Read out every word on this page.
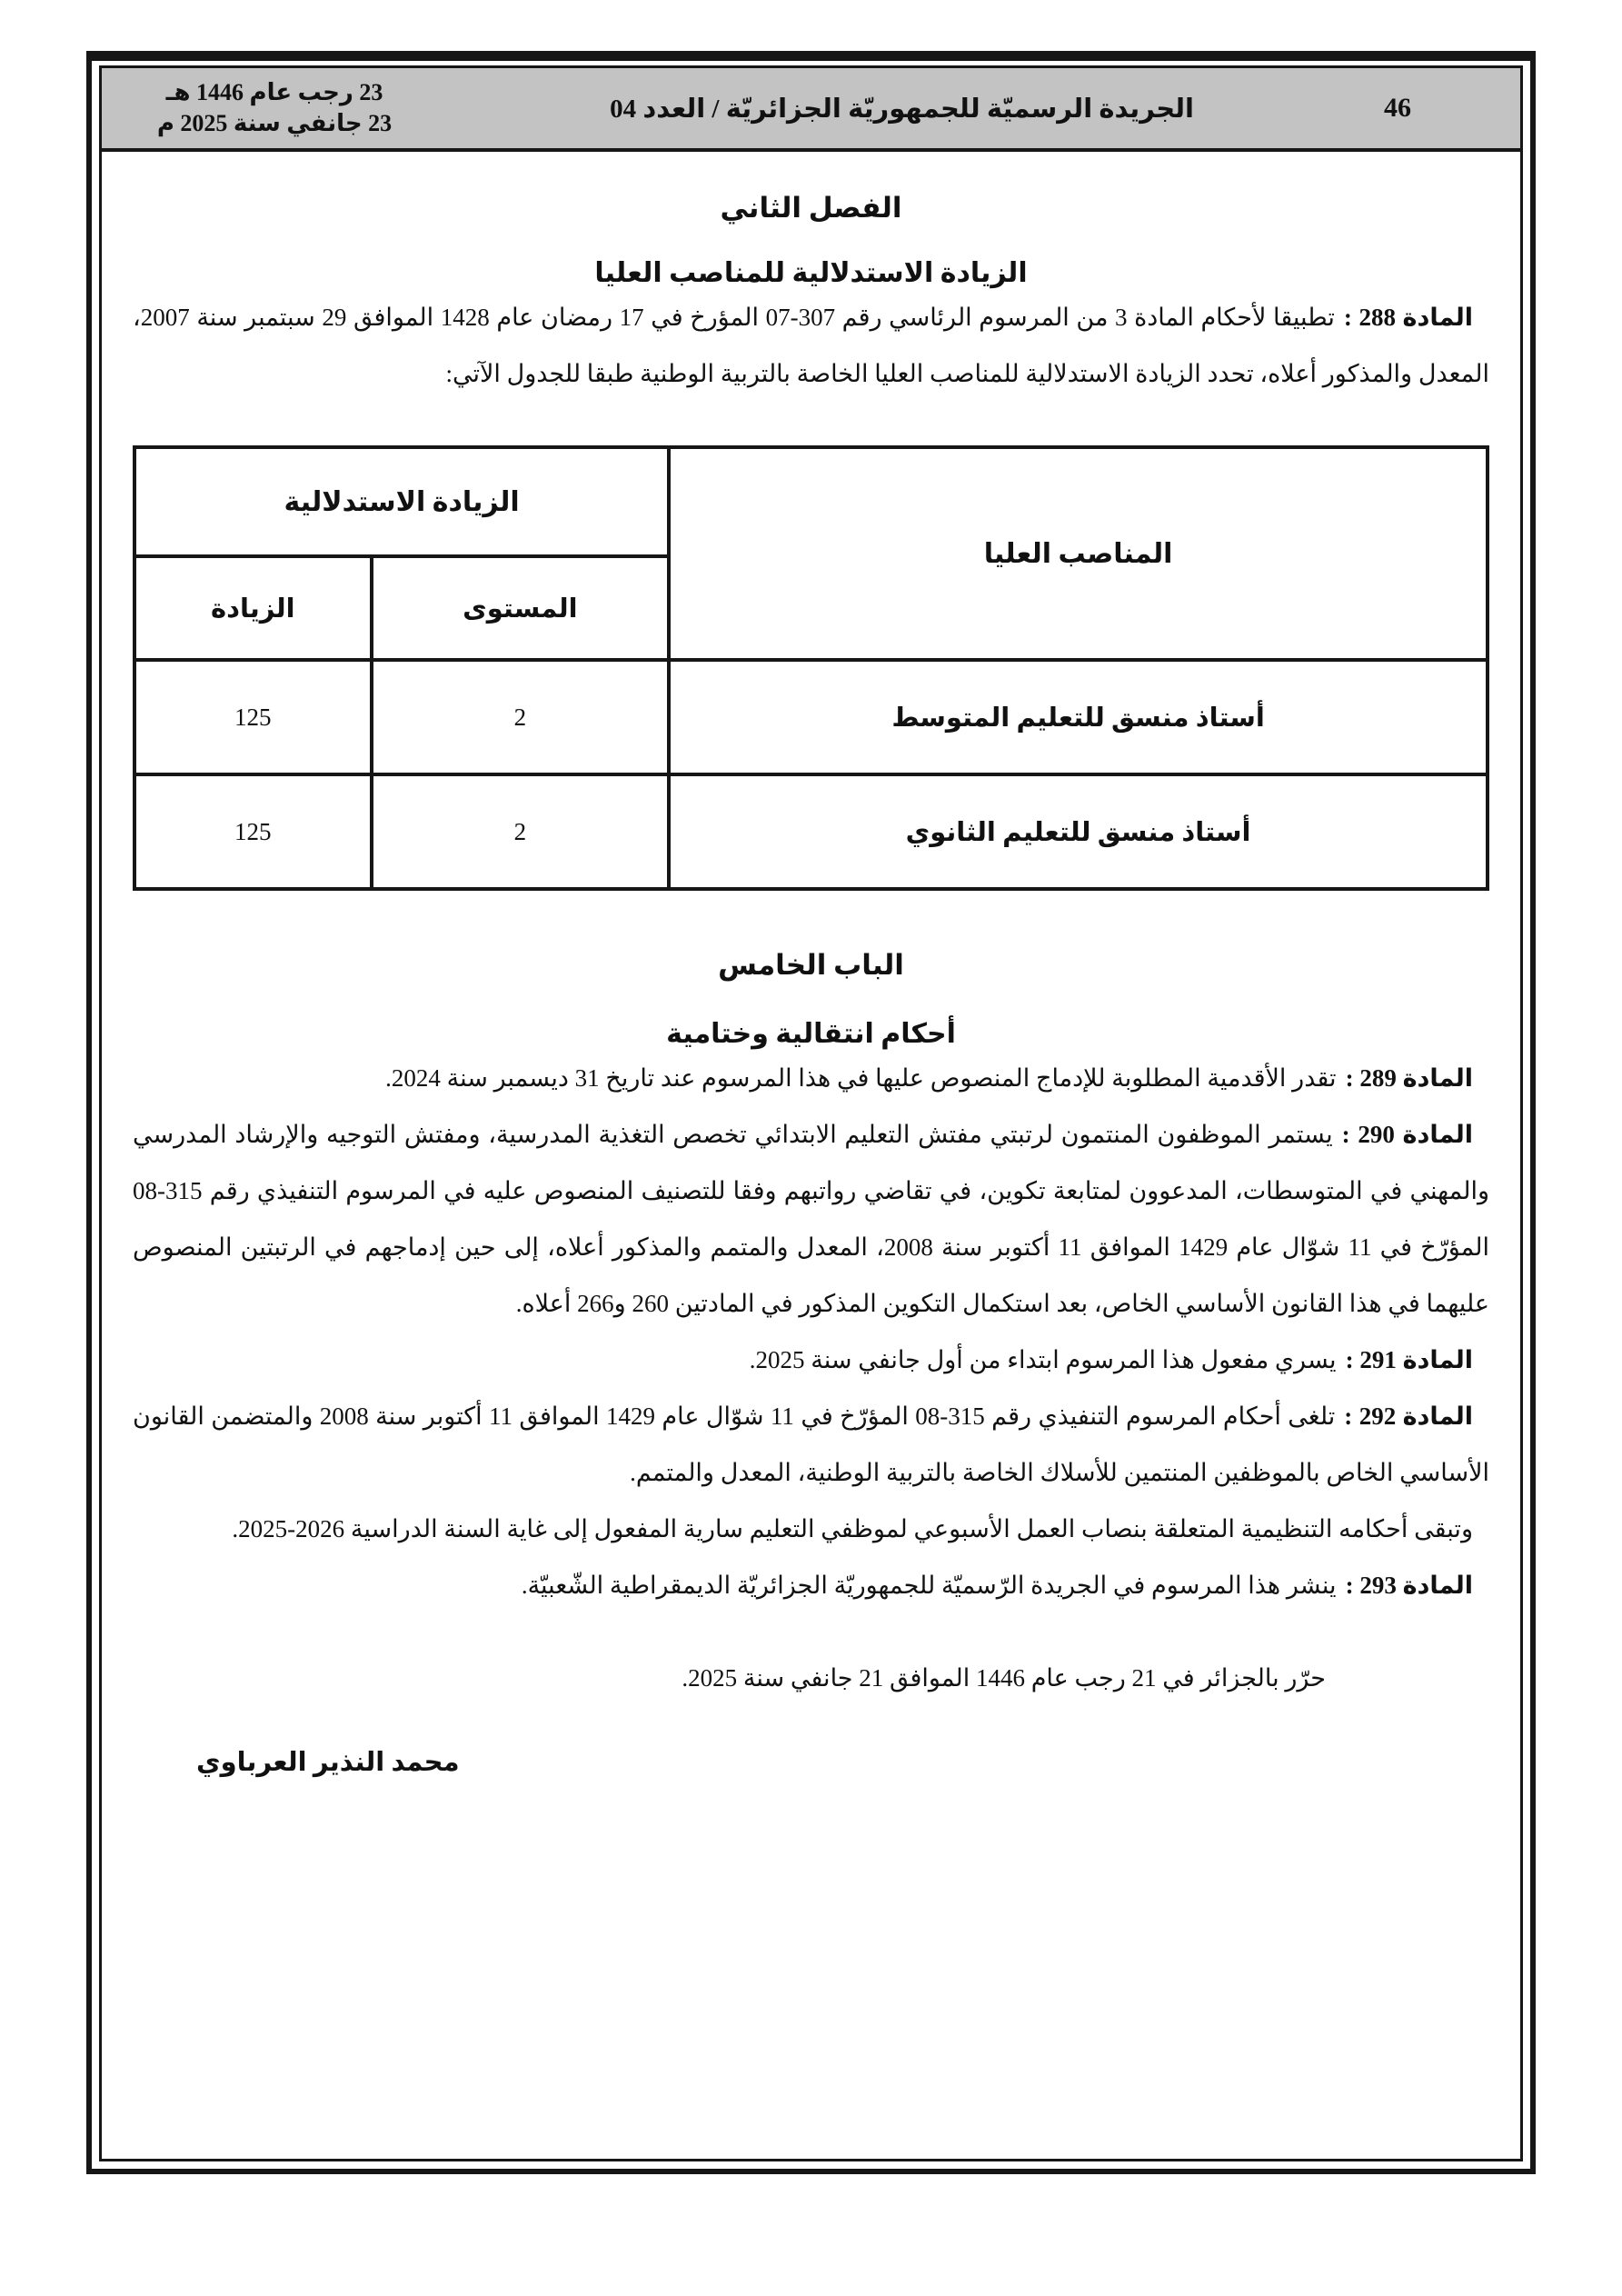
46
الجريدة الرسميّة للجمهوريّة الجزائريّة / العدد 04
23 رجب عام 1446 هـ
23 جانفي سنة 2025 م
الفصل الثاني
الزيادة الاستدلالية للمناصب العليا

المادة 288 :تطبيقا لأحكام المادة 3 من المرسوم الرئاسي رقم 307-07 المؤرخ في 17 رمضان عام 1428 الموافق 29 سبتمبر سنة 2007، المعدل والمذكور أعلاه، تحدد الزيادة الاستدلالية للمناصب العليا الخاصة بالتربية الوطنية طبقا للجدول الآتي:

المناصب العليا	الزيادة الاستدلالية	
	المستوى	الزيادة
أستاذ منسق للتعليم المتوسط	2	125
أستاذ منسق للتعليم الثانوي	2	125
الباب الخامس
أحكام انتقالية وختامية

المادة 289 :تقدر الأقدمية المطلوبة للإدماج المنصوص عليها في هذا المرسوم عند تاريخ 31 ديسمبر سنة 2024.

المادة 290 :يستمر الموظفون المنتمون لرتبتي مفتش التعليم الابتدائي تخصص التغذية المدرسية، ومفتش التوجيه والإرشاد المدرسي والمهني في المتوسطات، المدعوون لمتابعة تكوين، في تقاضي رواتبهم وفقا للتصنيف المنصوص عليه في المرسوم التنفيذي رقم 315-08 المؤرّخ في 11 شوّال عام 1429 الموافق 11 أكتوبر سنة 2008، المعدل والمتمم والمذكور أعلاه، إلى حين إدماجهم في الرتبتين المنصوص عليهما في هذا القانون الأساسي الخاص، بعد استكمال التكوين المذكور في المادتين 260 و266 أعلاه.

المادة 291 :يسري مفعول هذا المرسوم ابتداء من أول جانفي سنة 2025.

المادة 292 :تلغى أحكام المرسوم التنفيذي رقم 315-08 المؤرّخ في 11 شوّال عام 1429 الموافق 11 أكتوبر سنة 2008 والمتضمن القانون الأساسي الخاص بالموظفين المنتمين للأسلاك الخاصة بالتربية الوطنية، المعدل والمتمم.

وتبقى أحكامه التنظيمية المتعلقة بنصاب العمل الأسبوعي لموظفي التعليم سارية المفعول إلى غاية السنة الدراسية 2026-2025.

المادة 293 :ينشر هذا المرسوم في الجريدة الرّسميّة للجمهوريّة الجزائريّة الديمقراطية الشّعبيّة.

حرّر بالجزائر في 21 رجب عام 1446 الموافق 21 جانفي سنة 2025.

محمد النذير العرباوي
